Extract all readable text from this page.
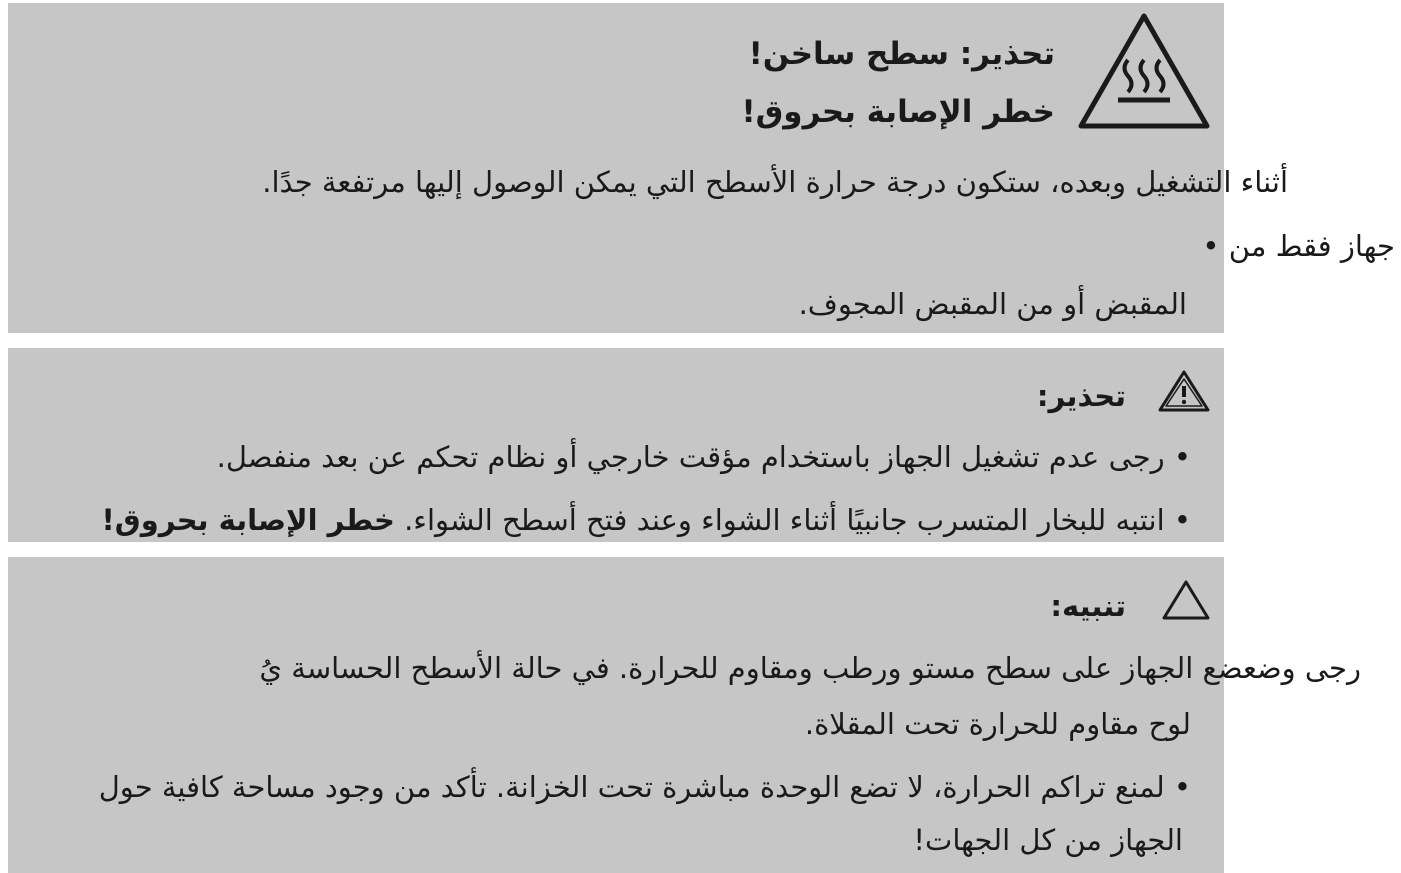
تحذير: سطح ساخن!
خطر الإصابة بحروق!
أثناء التشغيل وبعده، ستكون درجة حرارة الأسطح التي يمكن الوصول إليها مرتفعة جدًا.
جهاز فقط من •
المقبض أو من المقبض المجوف.
تحذير:
• رجى عدم تشغيل الجهاز باستخدام مؤقت خارجي أو نظام تحكم عن بعد منفصل.
• انتبه للبخار المتسرب جانبيًا أثناء الشواء وعند فتح أسطح الشواء. خطر الإصابة بحروق!
تنبيه:
رجى وضعضع الجهاز على سطح مستو ورطب ومقاوم للحرارة. في حالة الأسطح الحساسة يُ
لوح مقاوم للحرارة تحت المقلاة.
• لمنع تراكم الحرارة، لا تضع الوحدة مباشرة تحت الخزانة. تأكد من وجود مساحة كافية حول
الجهاز من كل الجهات!
